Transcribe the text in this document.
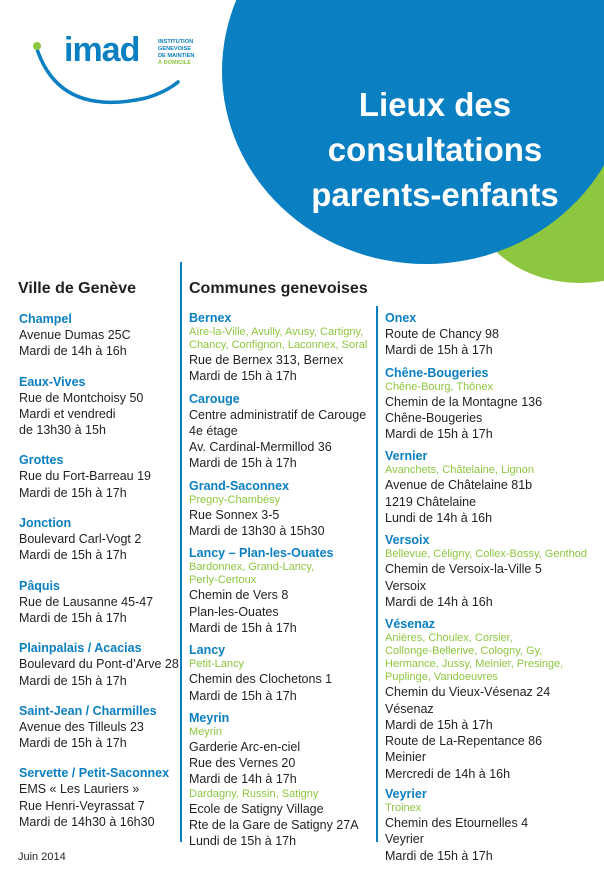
Lieux des
consultations
parents-enfants
imad	INSTITUTION
GENEVOISE
DE MAINTIEN
À DOMICILE
Ville de Genève	Communes genevoises
Champel
Avenue Dumas 25C
Mardi de 14h à 16h
Eaux-Vives
Rue de Montchoisy 50
Mardi et vendredi
de 13h30 à 15h
Grottes
Rue du Fort-Barreau 19
Mardi de 15h à 17h
Jonction
Boulevard Carl-Vogt 2
Mardi de 15h à 17h
Pâquis
Rue de Lausanne 45-47
Mardi de 15h à 17h
Plainpalais / Acacias
Boulevard du Pont-d’Arve 28
Mardi de 15h à 17h
Saint-Jean / Charmilles
Avenue des Tilleuls 23
Mardi de 15h à 17h
Servette / Petit-Saconnex
EMS « Les Lauriers »
Rue Henri-Veyrassat 7
Mardi de 14h30 à 16h30
Bernex
Aïre-la-Ville, Avully, Avusy, Cartigny,
Chancy, Confignon, Laconnex, Soral
Rue de Bernex 313, Bernex
Mardi de 15h à 17h
Carouge
Centre administratif de Carouge
4e étage
Av. Cardinal-Mermillod 36
Mardi de 15h à 17h
Grand-Saconnex
Pregny-Chambésy
Rue Sonnex 3-5
Mardi de 13h30 à 15h30
Lancy – Plan-les-Ouates
Bardonnex, Grand-Lancy,
Perly-Certoux
Chemin de Vers 8
Plan-les-Ouates
Mardi de 15h à 17h
Lancy
Petit-Lancy
Chemin des Clochetons 1
Mardi de 15h à 17h
Meyrin
Meyrin
Garderie Arc-en-ciel
Rue des Vernes 20
Mardi de 14h à 17h
Dardagny, Russin, Satigny
Ecole de Satigny Village
Rte de la Gare de Satigny 27A
Lundi de 15h à 17h
Onex
Route de Chancy 98
Mardi de 15h à 17h
Chêne-Bougeries
Chêne-Bourg, Thônex
Chemin de la Montagne 136
Chêne-Bougeries
Mardi de 15h à 17h
Vernier
Avanchets, Châtelaine, Lignon
Avenue de Châtelaine 81b
1219 Châtelaine
Lundi de 14h à 16h
Versoix
Bellevue, Céligny, Collex-Bossy, Genthod
Chemin de Versoix-la-Ville 5
Versoix
Mardi de 14h à 16h
Vésenaz
Anières, Choulex, Corsier,
Collonge-Bellerive, Cologny, Gy,
Hermance, Jussy, Meinier, Presinge,
Puplinge, Vandoeuvres
Chemin du Vieux-Vésenaz 24
Vésenaz
Mardi de 15h à 17h
Route de La-Repentance 86
Meinier
Mercredi de 14h à 16h
Veyrier
Troinex
Chemin des Etournelles 4
Veyrier
Mardi de 15h à 17h
Juin 2014
